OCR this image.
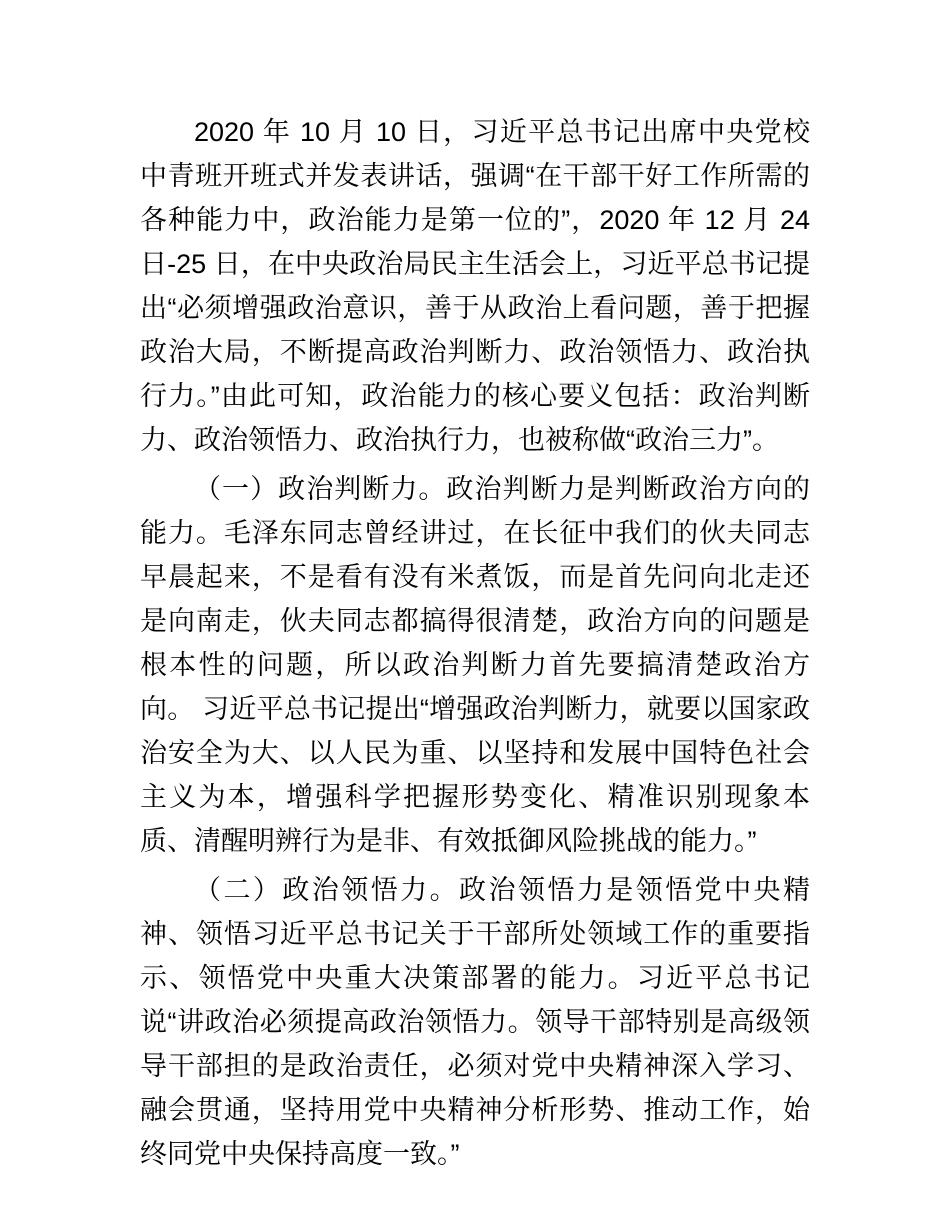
2020 年 10 月 10 日，习近平总书记出席中央党校中青班开班式并发表讲话，强调“在干部干好工作所需的各种能力中，政治能力是第一位的”，2020 年 12 月 24 日-25 日，在中央政治局民主生活会上，习近平总书记提出“必须增强政治意识，善于从政治上看问题，善于把握政治大局，不断提高政治判断力、政治领悟力、政治执行力。”由此可知，政治能力的核心要义包括：政治判断力、政治领悟力、政治执行力，也被称做“政治三力”。

（一）政治判断力。政治判断力是判断政治方向的能力。毛泽东同志曾经讲过，在长征中我们的伙夫同志早晨起来，不是看有没有米煮饭，而是首先问向北走还是向南走，伙夫同志都搞得很清楚，政治方向的问题是根本性的问题，所以政治判断力首先要搞清楚政治方向。 习近平总书记提出“增强政治判断力，就要以国家政治安全为大、以人民为重、以坚持和发展中国特色社会主义为本，增强科学把握形势变化、精准识别现象本质、清醒明辨行为是非、有效抵御风险挑战的能力。”

（二）政治领悟力。政治领悟力是领悟党中央精神、领悟习近平总书记关于干部所处领域工作的重要指示、领悟党中央重大决策部署的能力。习近平总书记说“讲政治必须提高政治领悟力。领导干部特别是高级领导干部担的是政治责任，必须对党中央精神深入学习、融会贯通，坚持用党中央精神分析形势、推动工作，始终同党中央保持高度一致。”
